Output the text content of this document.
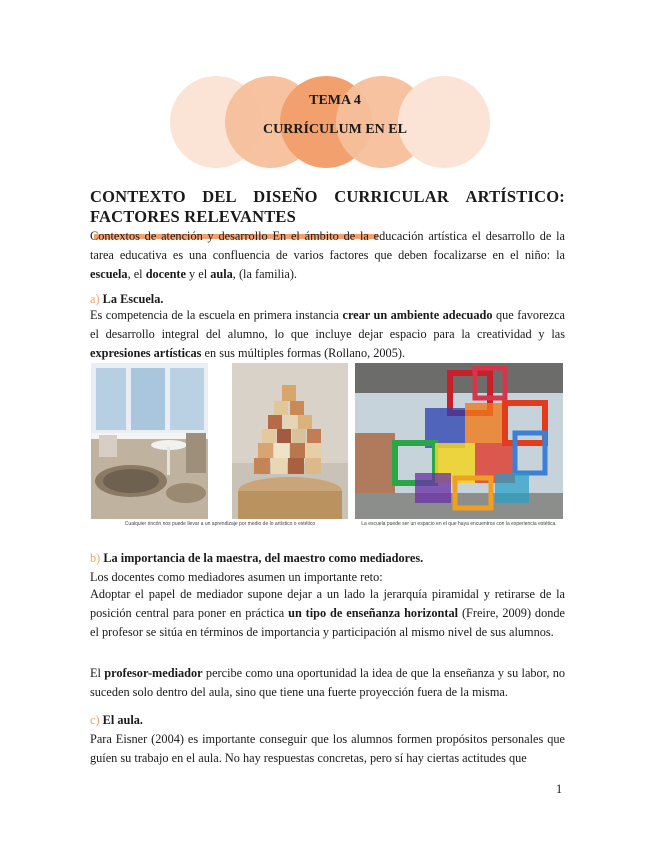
TEMA 4
CURRÍCULUM EN EL
CONTEXTO DEL DISEÑO CURRICULAR ARTÍSTICO:
FACTORES RELEVANTES
Contextos de atención y desarrollo En el ámbito de la educación artística el desarrollo de la tarea educativa es una confluencia de varios factores que deben focalizarse en el niño: la escuela, el docente y el aula, (la familia).
a) La Escuela.
Es competencia de la escuela en primera instancia crear un ambiente adecuado que favorezca el desarrollo integral del alumno, lo que incluye dejar espacio para la creatividad y las expresiones artísticas en sus múltiples formas (Rollano, 2005).
Cualquier rincón nos puede llevar a un aprendizaje por medio de lo artístico o estético	La escuela puede ser un espacio en el que haya encuentros con la experiencia estética.
b) La importancia de la maestra, del maestro como mediadores.
Los docentes como mediadores asumen un importante reto:
Adoptar el papel de mediador supone dejar a un lado la jerarquía piramidal y retirarse de la posición central para poner en práctica un tipo de enseñanza horizontal (Freire, 2009) donde el profesor se sitúa en términos de importancia y participación al mismo nivel de sus alumnos.
El profesor-mediador percibe como una oportunidad la idea de que la enseñanza y su labor, no suceden solo dentro del aula, sino que tiene una fuerte proyección fuera de la misma.
c) El aula.
Para Eisner (2004) es importante conseguir que los alumnos formen propósitos personales que guíen su trabajo en el aula. No hay respuestas concretas, pero sí hay ciertas actitudes que
1
